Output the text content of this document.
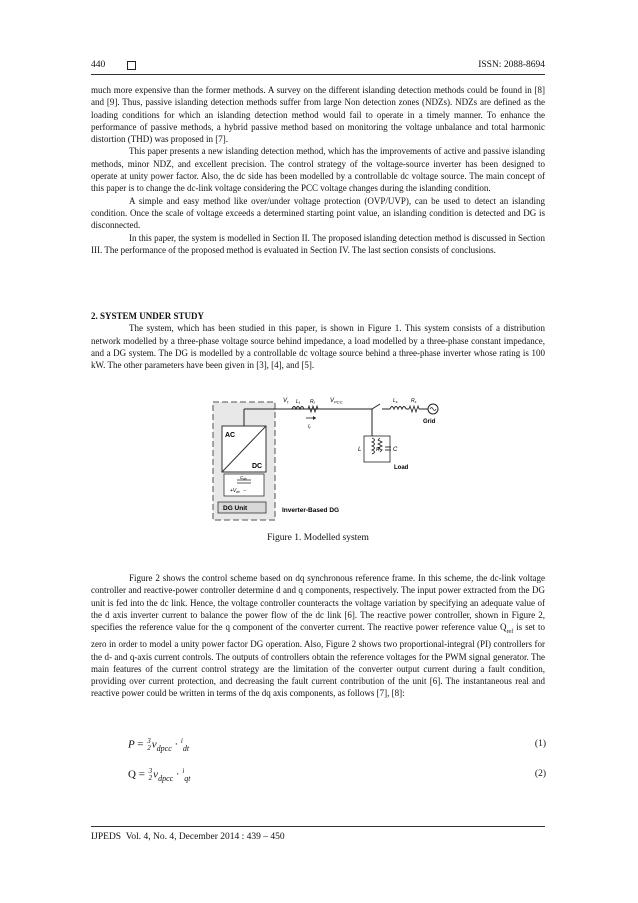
440	ISSN: 2088-8694

much more expensive than the former methods. A survey on the different islanding detection methods could be found in [8] and [9]. Thus, passive islanding detection methods suffer from large Non detection zones (NDZs). NDZs are defined as the loading conditions for which an islanding detection method would fail to operate in a timely manner. To enhance the performance of passive methods, a hybrid passive method based on monitoring the voltage unbalance and total harmonic distortion (THD) was proposed in [7].

This paper presents a new islanding detection method, which has the improvements of active and passive islanding methods, minor NDZ, and excellent precision. The control strategy of the voltage-source inverter has been designed to operate at unity power factor. Also, the dc side has been modelled by a controllable dc voltage source. The main concept of this paper is to change the dc-link voltage considering the PCC voltage changes during the islanding condition.

A simple and easy method like over/under voltage protection (OVP/UVP), can be used to detect an islanding condition. Once the scale of voltage exceeds a determined starting point value, an islanding condition is detected and DG is disconnected.

In this paper, the system is modelled in Section II. The proposed islanding detection method is discussed in Section III. The performance of the proposed method is evaluated in Section IV. The last section consists of conclusions.

2. SYSTEM UNDER STUDY

The system, which has been studied in this paper, is shown in Figure 1. This system consists of a distribution network modelled by a three-phase voltage source behind impedance, a load modelled by a three-phase constant impedance, and a DG system. The DG is modelled by a controllable dc voltage source behind a three-phase inverter whose rating is 100 kW. The other parameters have been given in [3], [4], and [5].

AC
DC
$C_{dc}$
$+V_{dc}$ −
DG Unit	Inverter-Based DG
$V_f$ $L_f$ $R_f$	$V_{PCC}$
$I_f$
$L_s$	$R_s$
Grid
L	R C
Load
Figure 1. Modelled system

Figure 2 shows the control scheme based on dq synchronous reference frame. In this scheme, the dc-link voltage controller and reactive-power controller determine d and q components, respectively. The input power extracted from the DG unit is fed into the dc link. Hence, the voltage controller counteracts the voltage variation by specifying an adequate value of the d axis inverter current to balance the power flow of the dc link [6]. The reactive power controller, shown in Figure 2, specifies the reference value for the q component of the converter current. The reactive power reference value $Q_{ref}$ is set to zero in order to model a unity power factor DG operation. Also, Figure 2 shows two proportional-integral (PI) controllers for the d- and q-axis current controls. The outputs of controllers obtain the reference voltages for the PWM signal generator. The main features of the current control strategy are the limitation of the converter output current during a fault condition, providing over current protection, and decreasing the fault current contribution of the unit [6]. The instantaneous real and reactive power could be written in terms of the dq axis components, as follows [7], [8]:

P = 3
2 $v_{dpcc} \cdot ^i_{dt}$	(1)
Q = 3
2 $v_{dpcc} \cdot ^i_{qt}$	(2)
IJPEDS Vol. 4, No. 4, December 2014 : 439 – 450
